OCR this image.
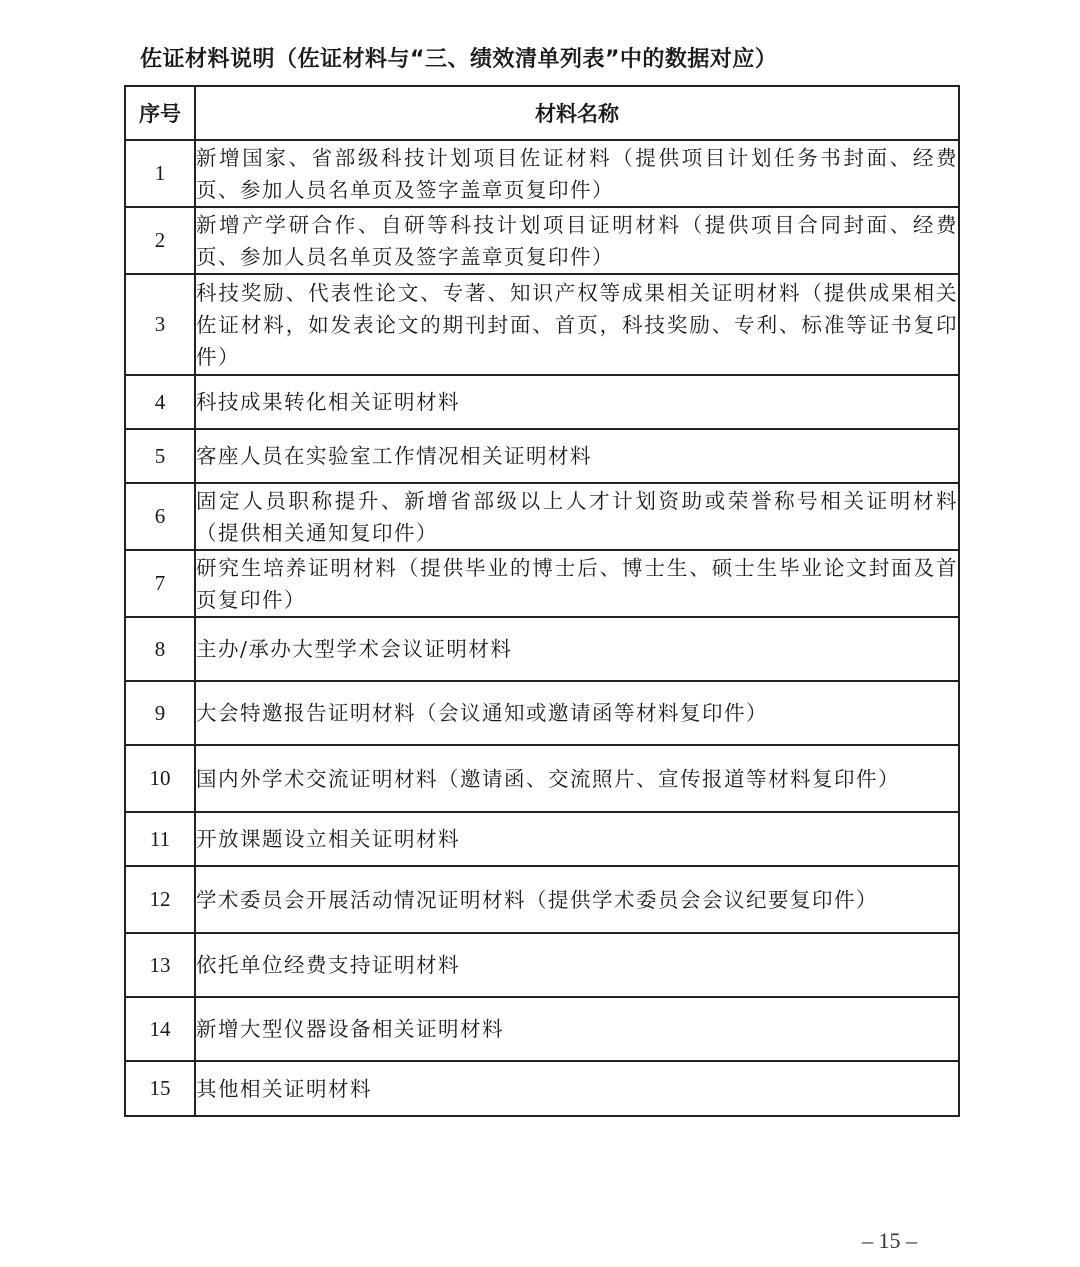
佐证材料说明（佐证材料与“三、绩效清单列表”中的数据对应）
序号	材料名称
1	新增国家、省部级科技计划项目佐证材料（提供项目计划任务书封面、经费页、参加人员名单页及签字盖章页复印件）
2	新增产学研合作、自研等科技计划项目证明材料（提供项目合同封面、经费页、参加人员名单页及签字盖章页复印件）
3	科技奖励、代表性论文、专著、知识产权等成果相关证明材料（提供成果相关佐证材料，如发表论文的期刊封面、首页，科技奖励、专利、标准等证书复印件）
4	科技成果转化相关证明材料
5	客座人员在实验室工作情况相关证明材料
6	固定人员职称提升、新增省部级以上人才计划资助或荣誉称号相关证明材料（提供相关通知复印件）
7	研究生培养证明材料（提供毕业的博士后、博士生、硕士生毕业论文封面及首页复印件）
8	主办/承办大型学术会议证明材料
9	大会特邀报告证明材料（会议通知或邀请函等材料复印件）
10	国内外学术交流证明材料（邀请函、交流照片、宣传报道等材料复印件）
11	开放课题设立相关证明材料
12	学术委员会开展活动情况证明材料（提供学术委员会会议纪要复印件）
13	依托单位经费支持证明材料
14	新增大型仪器设备相关证明材料
15	其他相关证明材料
– 15 –
